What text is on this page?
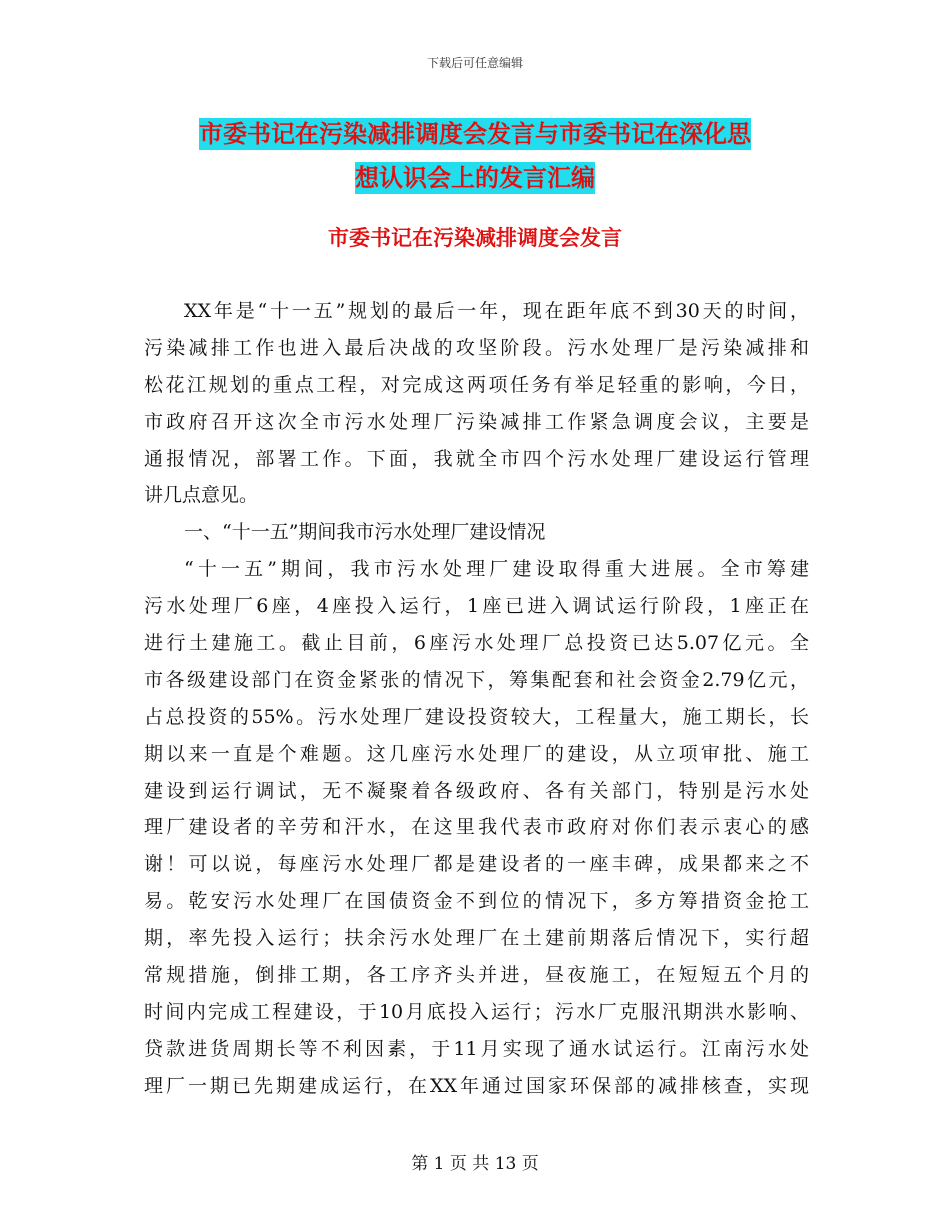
下载后可任意编辑
市委书记在污染减排调度会发言与市委书记在深化思
想认识会上的发言汇编
市委书记在污染减排调度会发言
XX年是“十一五”规划的最后一年，现在距年底不到30天的时间，
污染减排工作也进入最后决战的攻坚阶段。污水处理厂是污染减排和
松花江规划的重点工程，对完成这两项任务有举足轻重的影响，今日，
市政府召开这次全市污水处理厂污染减排工作紧急调度会议，主要是
通报情况，部署工作。下面，我就全市四个污水处理厂建设运行管理
讲几点意见。
一、“十一五”期间我市污水处理厂建设情况
“十一五”期间，我市污水处理厂建设取得重大进展。全市筹建
污水处理厂6座，4座投入运行，1座已进入调试运行阶段，1座正在
进行土建施工。截止目前，6座污水处理厂总投资已达5.07亿元。全
市各级建设部门在资金紧张的情况下，筹集配套和社会资金2.79亿元，
占总投资的55%。污水处理厂建设投资较大，工程量大，施工期长，长
期以来一直是个难题。这几座污水处理厂的建设，从立项审批、施工
建设到运行调试，无不凝聚着各级政府、各有关部门，特别是污水处
理厂建设者的辛劳和汗水，在这里我代表市政府对你们表示衷心的感
谢！可以说，每座污水处理厂都是建设者的一座丰碑，成果都来之不
易。乾安污水处理厂在国债资金不到位的情况下，多方筹措资金抢工
期，率先投入运行；扶余污水处理厂在土建前期落后情况下，实行超
常规措施，倒排工期，各工序齐头并进，昼夜施工，在短短五个月的
时间内完成工程建设，于10月底投入运行；污水厂克服汛期洪水影响、
贷款进货周期长等不利因素，于11月实现了通水试运行。江南污水处
理厂一期已先期建成运行，在XX年通过国家环保部的减排核查，实现
第 1 页 共 13 页
